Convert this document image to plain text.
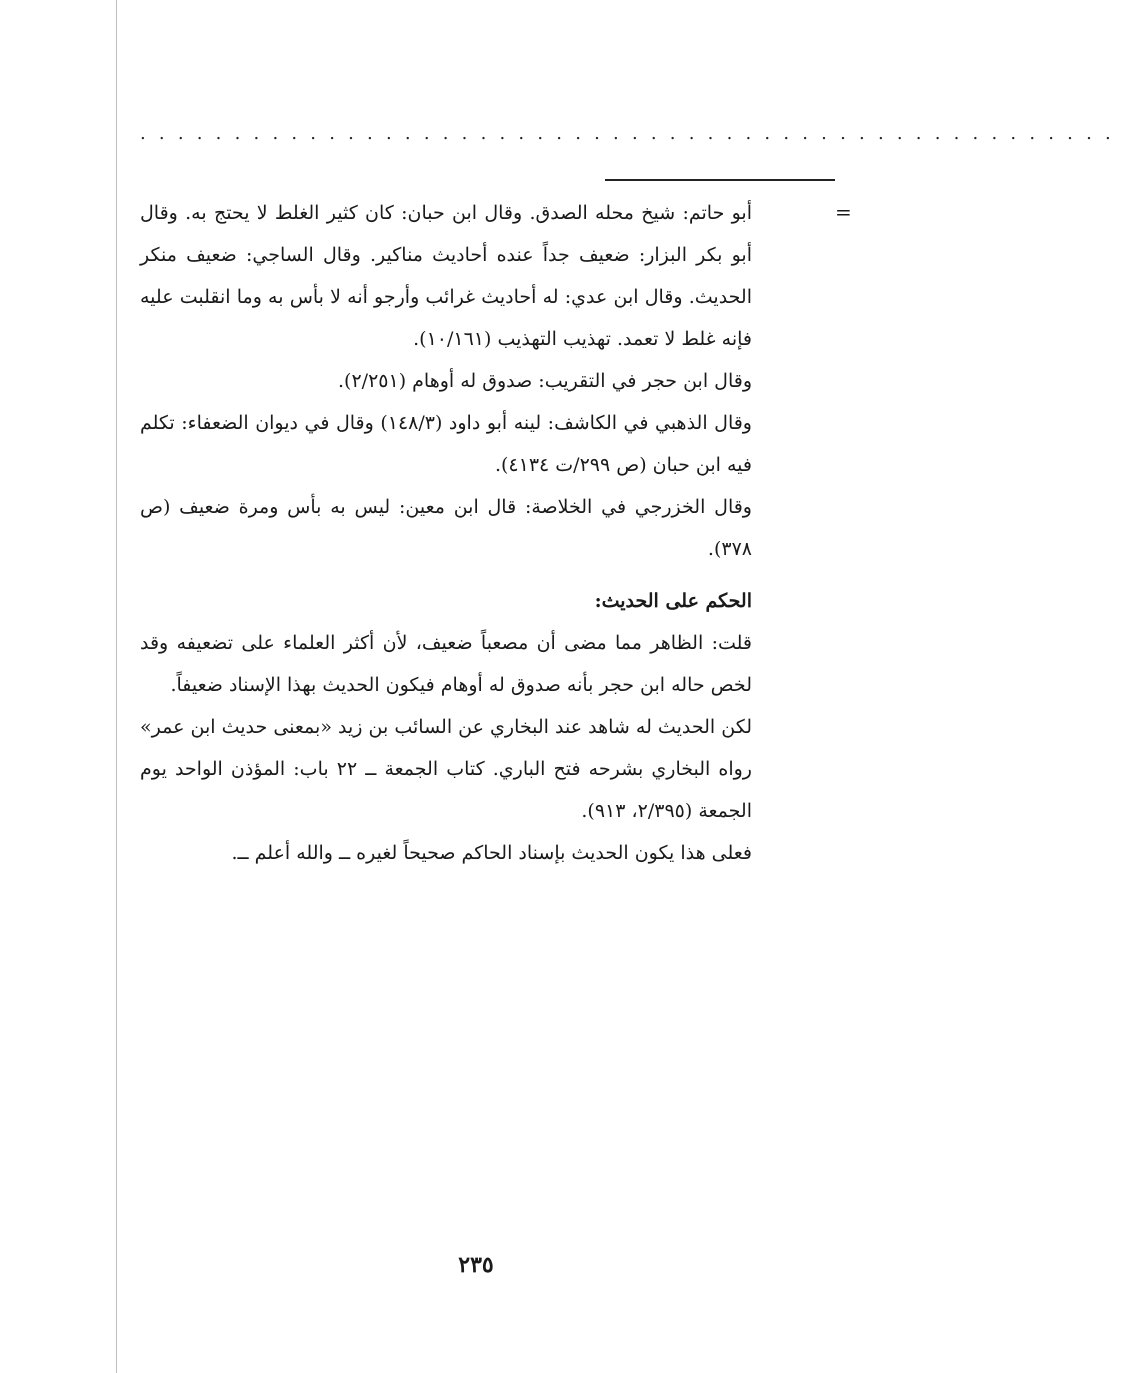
....................................................
=

أبو حاتم: شيخ محله الصدق. وقال ابن حبان: كان كثير الغلط لا يحتج به. وقال أبو بكر البزار: ضعيف جداً عنده أحاديث مناكير. وقال الساجي: ضعيف منكر الحديث. وقال ابن عدي: له أحاديث غرائب وأرجو أنه لا بأس به وما انقلبت عليه فإنه غلط لا تعمد. تهذيب التهذيب (١٠/١٦١).

وقال ابن حجر في التقريب: صدوق له أوهام (٢/٢٥١).

وقال الذهبي في الكاشف: لينه أبو داود (١٤٨/٣) وقال في ديوان الضعفاء: تكلم فيه ابن حبان (ص ٢٩٩/ت ٤١٣٤).

وقال الخزرجي في الخلاصة: قال ابن معين: ليس به بأس ومرة ضعيف (ص ٣٧٨).

الحكم على الحديث:

قلت: الظاهر مما مضى أن مصعباً ضعيف، لأن أكثر العلماء على تضعيفه وقد لخص حاله ابن حجر بأنه صدوق له أوهام فيكون الحديث بهذا الإسناد ضعيفاً.

لكن الحديث له شاهد عند البخاري عن السائب بن زيد «بمعنى حديث ابن عمر» رواه البخاري بشرحه فتح الباري. كتاب الجمعة ــ ٢٢ باب: المؤذن الواحد يوم الجمعة (٢/٣٩٥، ٩١٣).

فعلى هذا يكون الحديث بإسناد الحاكم صحيحاً لغيره ــ والله أعلم ــ.

٢٣٥
